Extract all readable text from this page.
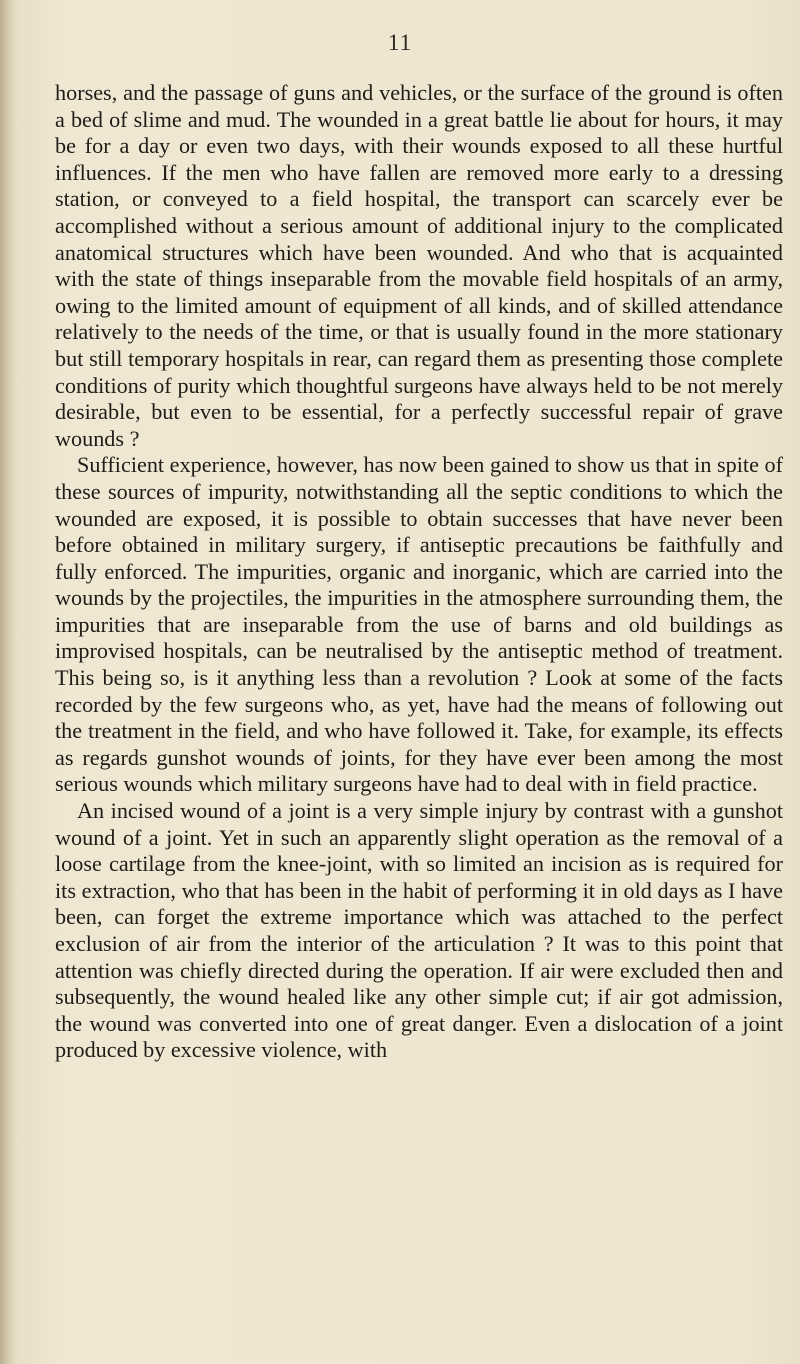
11

horses, and the passage of guns and vehicles, or the surface of the ground is often a bed of slime and mud. The wounded in a great battle lie about for hours, it may be for a day or even two days, with their wounds exposed to all these hurtful influences. If the men who have fallen are removed more early to a dressing station, or conveyed to a field hospital, the transport can scarcely ever be accomplished without a serious amount of additional injury to the complicated anatomical structures which have been wounded. And who that is acquainted with the state of things inseparable from the movable field hospitals of an army, owing to the limited amount of equipment of all kinds, and of skilled attendance relatively to the needs of the time, or that is usually found in the more stationary but still temporary hospitals in rear, can regard them as presenting those complete conditions of purity which thoughtful surgeons have always held to be not merely desirable, but even to be essential, for a perfectly successful repair of grave wounds ?

Sufficient experience, however, has now been gained to show us that in spite of these sources of impurity, notwithstanding all the septic conditions to which the wounded are exposed, it is possible to obtain successes that have never been before obtained in military surgery, if antiseptic precautions be faithfully and fully enforced. The impurities, organic and inorganic, which are carried into the wounds by the projectiles, the impurities in the atmosphere surrounding them, the impurities that are inseparable from the use of barns and old buildings as improvised hospitals, can be neutralised by the antiseptic method of treatment. This being so, is it anything less than a revolution ? Look at some of the facts recorded by the few surgeons who, as yet, have had the means of following out the treatment in the field, and who have followed it. Take, for example, its effects as regards gunshot wounds of joints, for they have ever been among the most serious wounds which military surgeons have had to deal with in field practice.

An incised wound of a joint is a very simple injury by contrast with a gunshot wound of a joint. Yet in such an apparently slight operation as the removal of a loose cartilage from the knee-joint, with so limited an incision as is required for its extraction, who that has been in the habit of performing it in old days as I have been, can forget the extreme importance which was attached to the perfect exclusion of air from the interior of the articulation ? It was to this point that attention was chiefly directed during the operation. If air were excluded then and subsequently, the wound healed like any other simple cut; if air got admission, the wound was converted into one of great danger. Even a dislocation of a joint produced by excessive violence, with
